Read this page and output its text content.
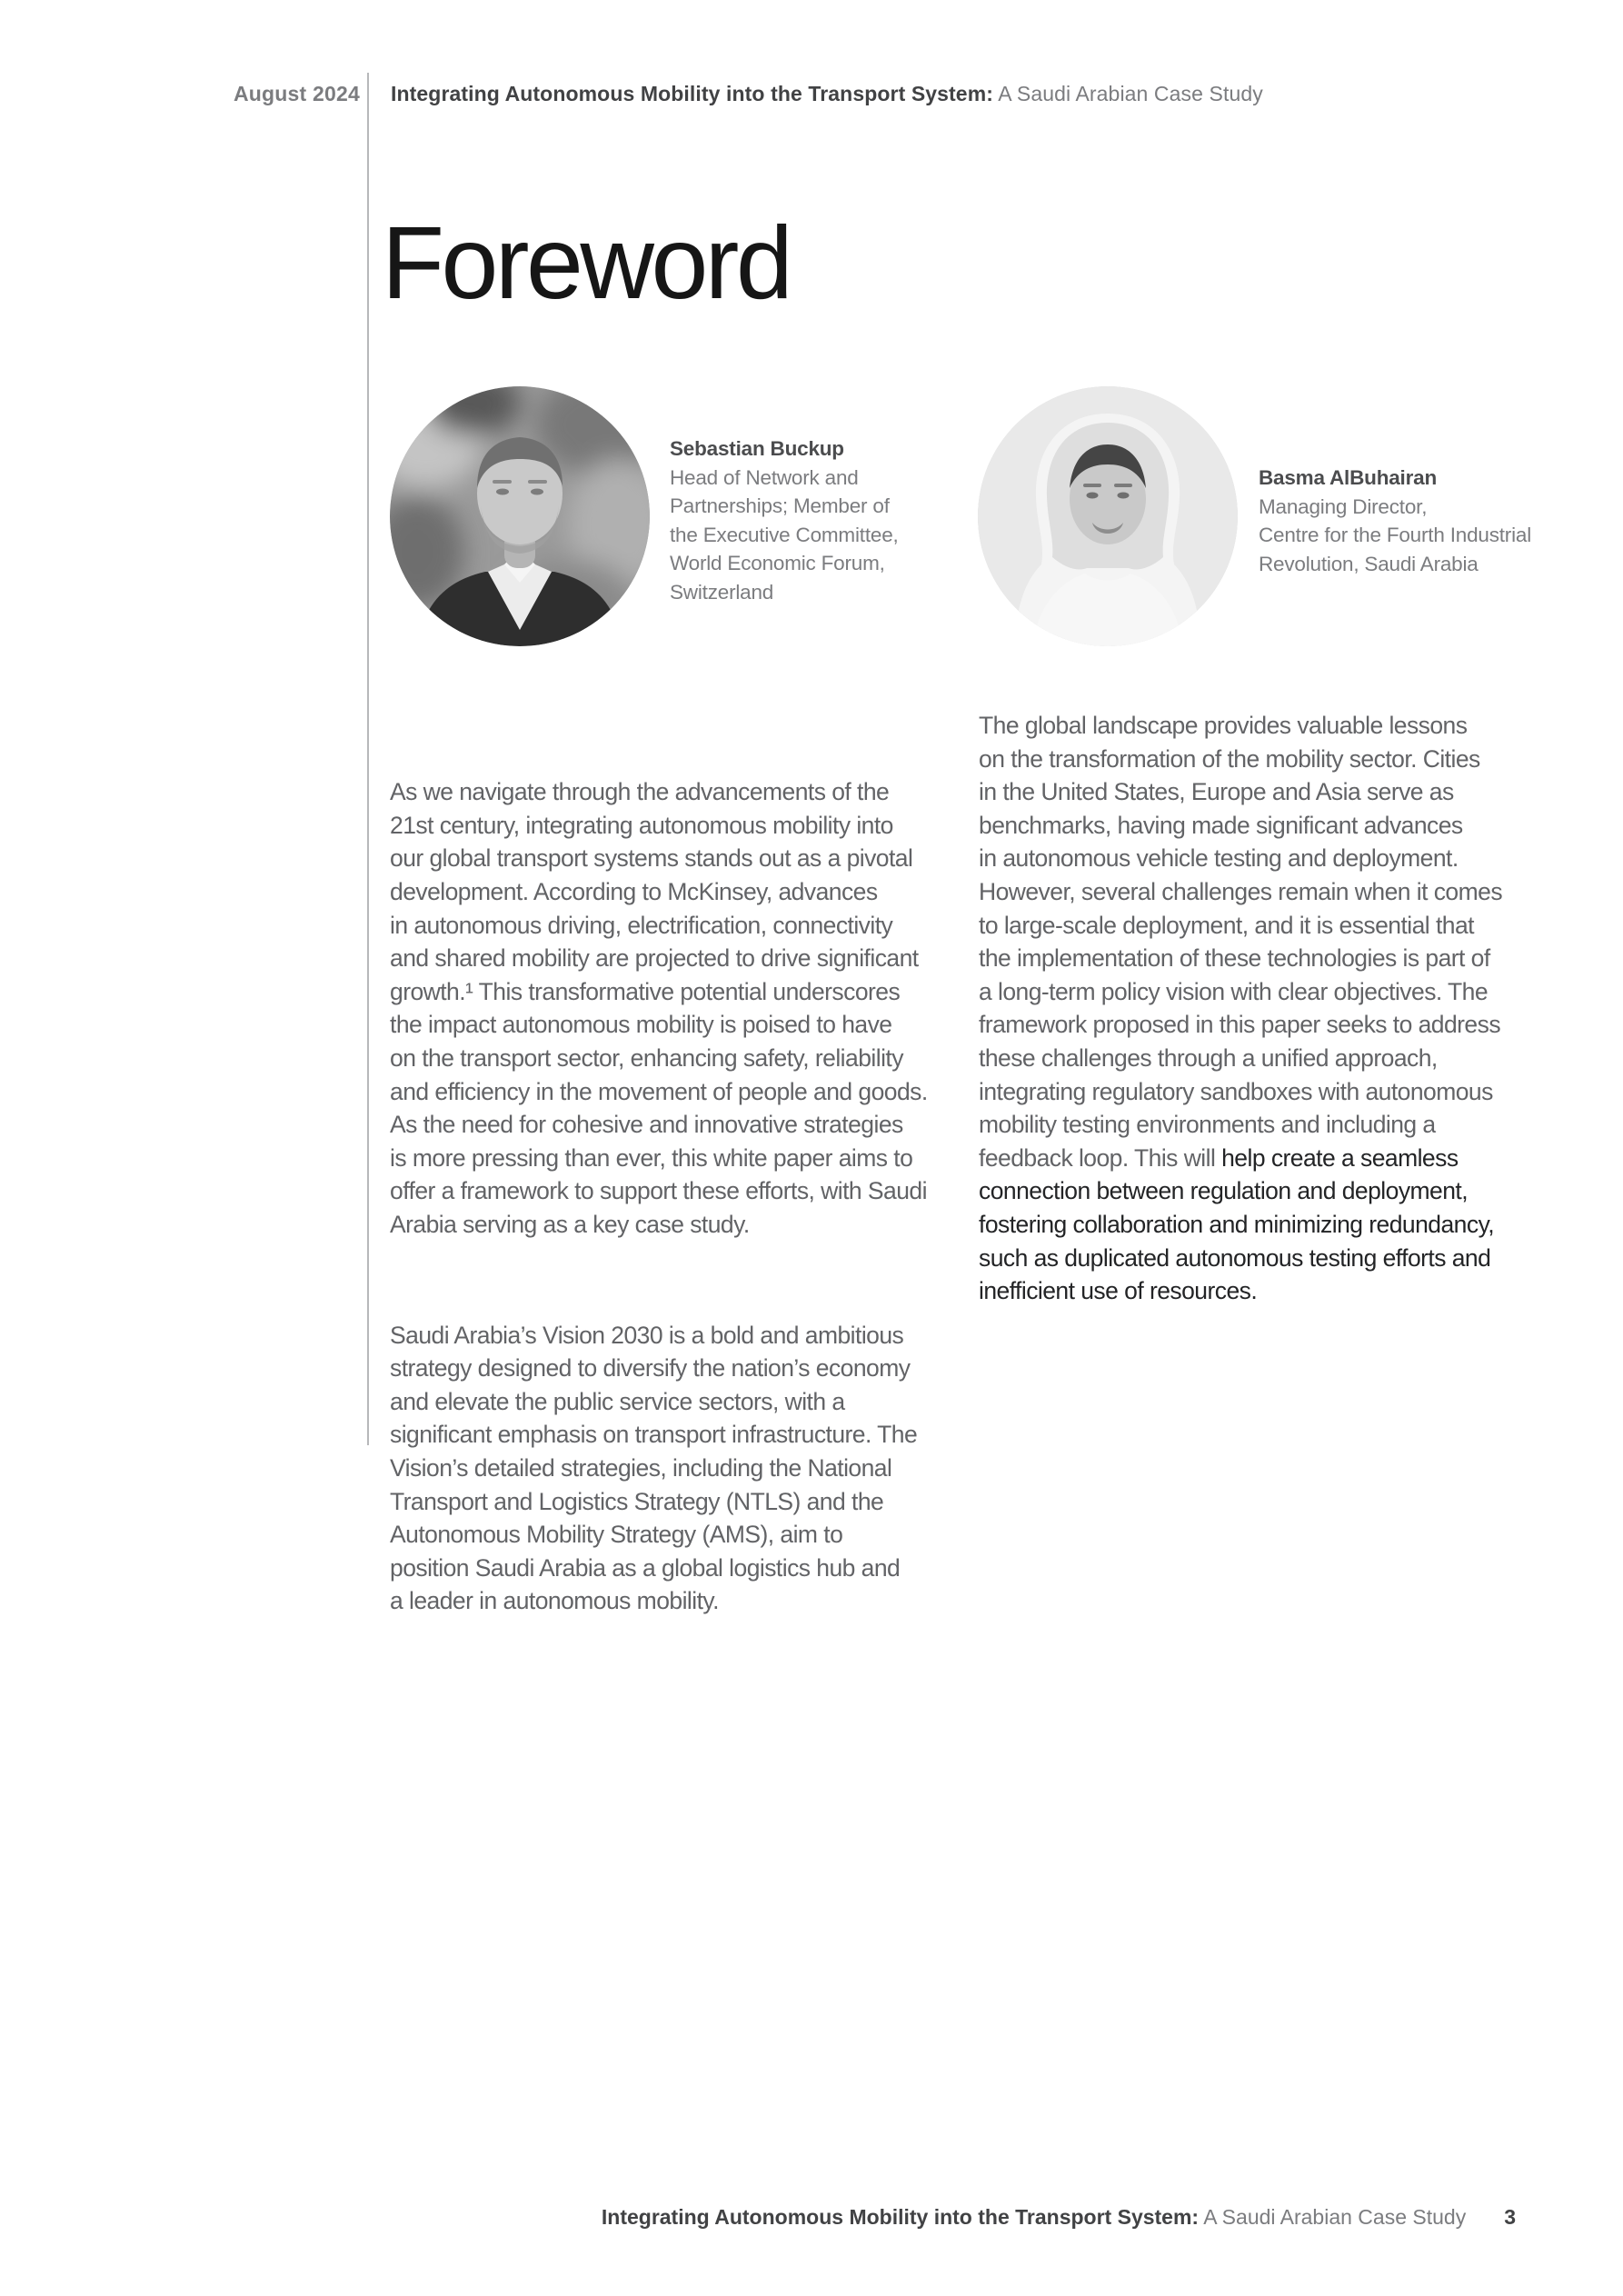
August 2024 Integrating Autonomous Mobility into the Transport System: A Saudi Arabian Case Study
Foreword
Sebastian Buckup
Head of Network and
Partnerships; Member of
the Executive Committee,
World Economic Forum,
Switzerland
Basma AlBuhairan
Managing Director,
Centre for the Fourth Industrial
Revolution, Saudi Arabia

As we navigate through the advancements of the
21st century, integrating autonomous mobility into
our global transport systems stands out as a pivotal
development. According to McKinsey, advances
in autonomous driving, electrification, connectivity
and shared mobility are projected to drive significant
growth.¹ This transformative potential underscores
the impact autonomous mobility is poised to have
on the transport sector, enhancing safety, reliability
and efficiency in the movement of people and goods.
As the need for cohesive and innovative strategies
is more pressing than ever, this white paper aims to
offer a framework to support these efforts, with Saudi
Arabia serving as a key case study.

Saudi Arabia’s Vision 2030 is a bold and ambitious
strategy designed to diversify the nation’s economy
and elevate the public service sectors, with a
significant emphasis on transport infrastructure. The
Vision’s detailed strategies, including the National
Transport and Logistics Strategy (NTLS) and the
Autonomous Mobility Strategy (AMS), aim to
position Saudi Arabia as a global logistics hub and
a leader in autonomous mobility.

The global landscape provides valuable lessons
on the transformation of the mobility sector. Cities
in the United States, Europe and Asia serve as
benchmarks, having made significant advances
in autonomous vehicle testing and deployment.
However, several challenges remain when it comes
to large-scale deployment, and it is essential that
the implementation of these technologies is part of
a long-term policy vision with clear objectives. The
framework proposed in this paper seeks to address
these challenges through a unified approach,
integrating regulatory sandboxes with autonomous
mobility testing environments and including a
feedback loop. This will help create a seamless
connection between regulation and deployment,
fostering collaboration and minimizing redundancy,
such as duplicated autonomous testing efforts and
inefficient use of resources.
Integrating Autonomous Mobility into the Transport System: A Saudi Arabian Case Study 3
